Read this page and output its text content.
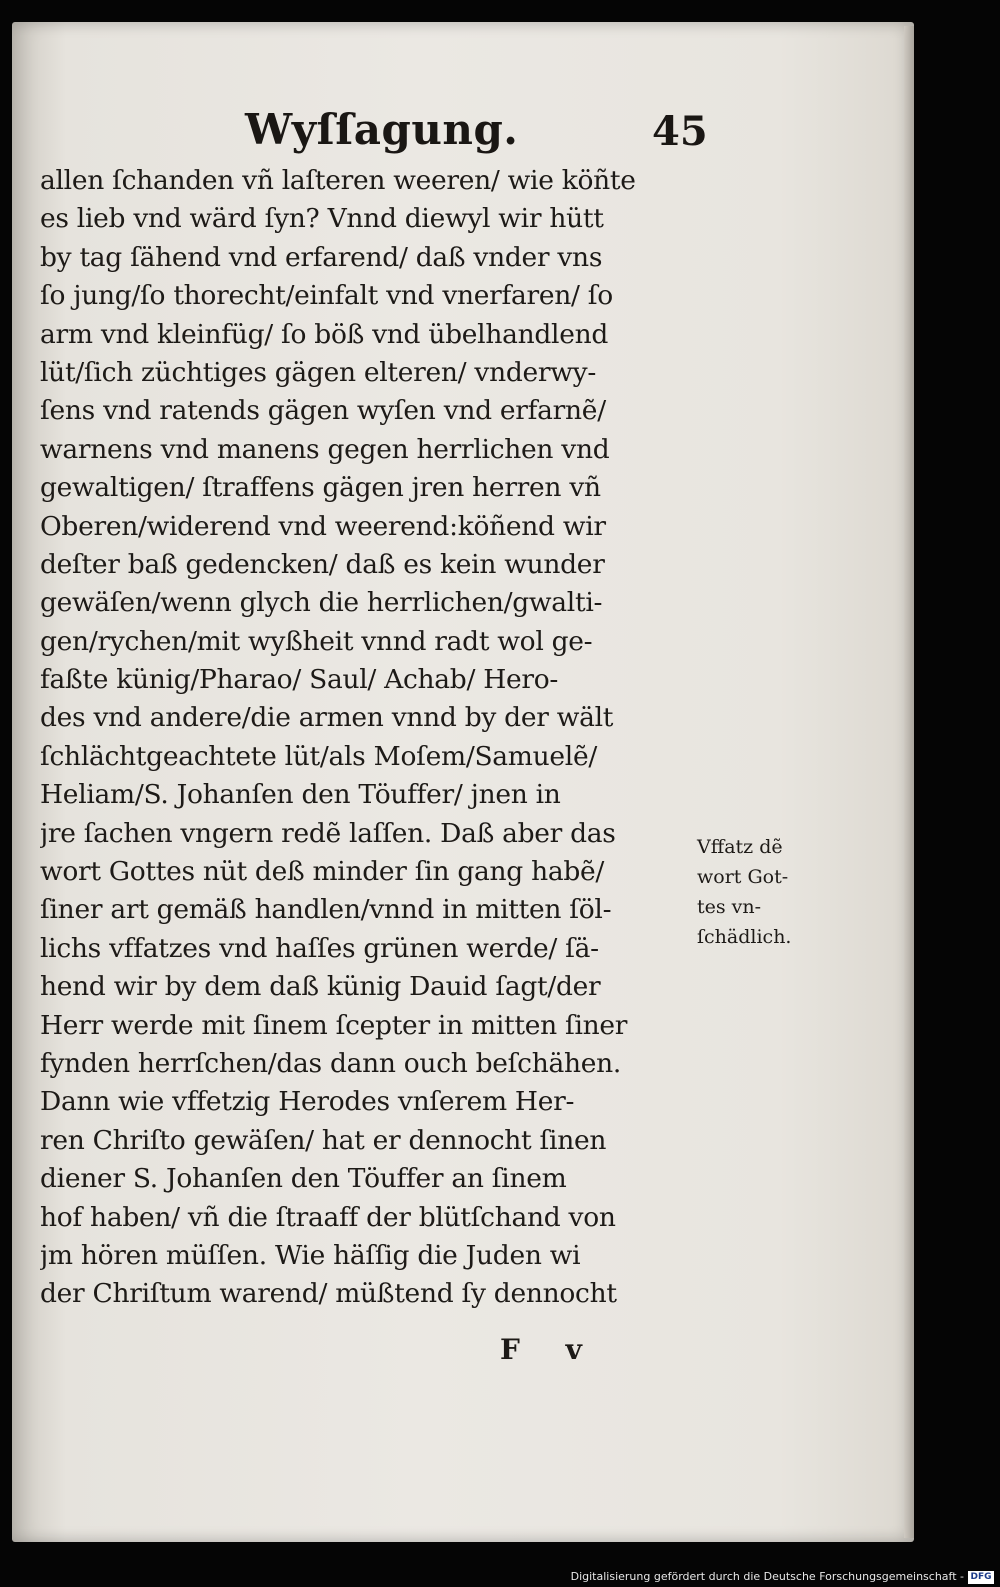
Wyſſagung.	45
allen ſchanden vñ laſteren weeren/ wie köñte
es lieb vnd wärd ſyn? Vnnd diewyl wir hütt
by tag ſähend vnd erfarend/ daß vnder vns
ſo jung/ſo thorecht/einfalt vnd vnerfaren/ ſo
arm vnd kleinfüg/ ſo böß vnd übelhandlend
lüt/ſich züchtiges gägen elteren/ vnderwy-
ſens vnd ratends gägen wyſen vnd erfarnẽ/
warnens vnd manens gegen herrlichen vnd
gewaltigen/ ſtraffens gägen jren herren vñ
Oberen/widerend vnd weerend:köñend wir
deſter baß gedencken/ daß es kein wunder
gewäſen/wenn glych die herrlichen/gwalti-
gen/rychen/mit wyßheit vnnd radt wol ge-
faßte künig/Pharao/ Saul/ Achab/ Hero-
des vnd andere/die armen vnnd by der wält
ſchlächtgeachtete lüt/als Moſem/Samuelẽ/
Heliam/S. Johanſen den Töuffer/ jnen in
jre ſachen vngern redẽ laſſen. Daß aber das
wort Gottes nüt deß minder ſin gang habẽ/
ſiner art gemäß handlen/vnnd in mitten ſöl-
lichs vffatzes vnd haſſes grünen werde/ ſä-
hend wir by dem daß künig Dauid ſagt/der
Herr werde mit ſinem ſcepter in mitten ſiner
fynden herrſchen/das dann ouch beſchähen.
Dann wie vffetzig Herodes vnſerem Her-
ren Chriſto gewäſen/ hat er dennocht ſinen
diener S. Johanſen den Töuffer an ſinem
hof haben/ vñ die ſtraaff der blütſchand von
jm hören müſſen. Wie häſſig die Juden wi
der Chriſtum warend/ müßtend ſy dennocht
Vffatz dẽ
wort Got-
tes vn-
ſchädlich.
F v
Digitalisierung gefördert durch die Deutsche Forschungsgemeinschaft - DFG
